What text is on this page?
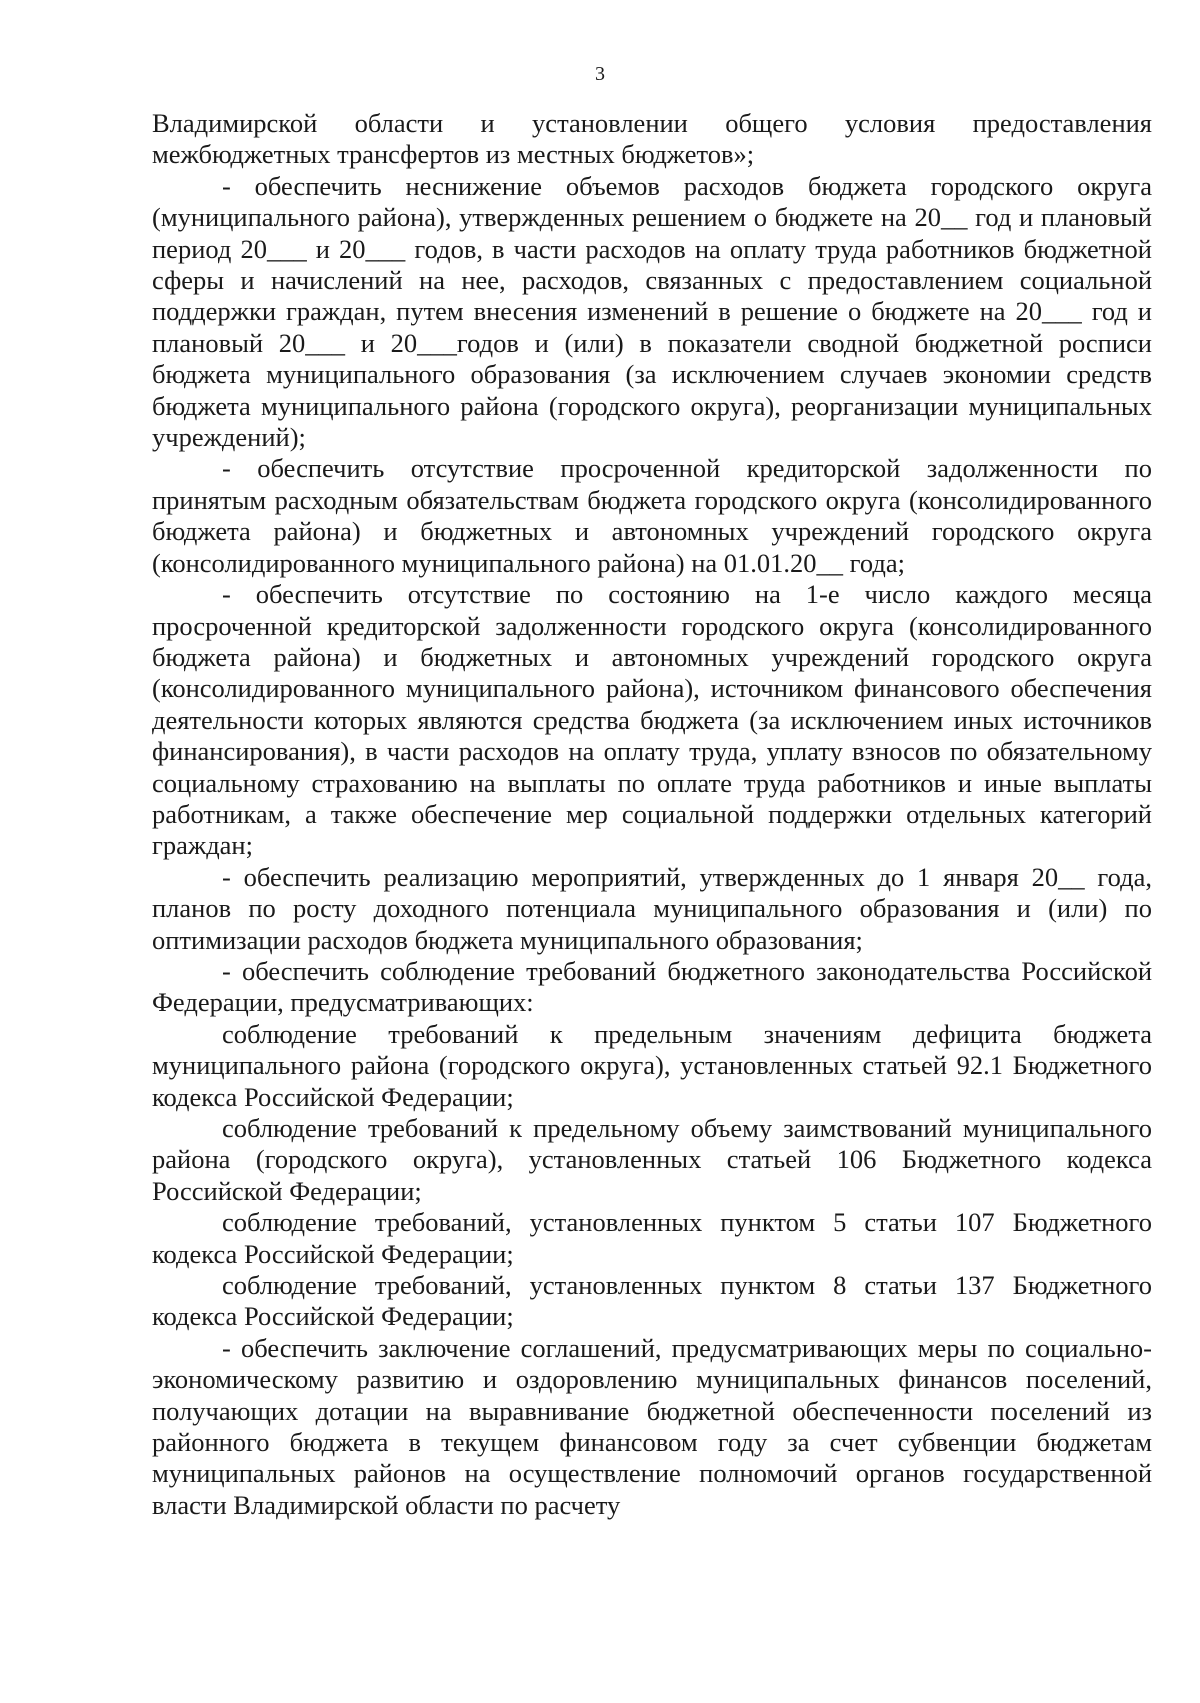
3

Владимирской области и установлении общего условия предоставления межбюджетных трансфертов из местных бюджетов»;

- обеспечить неснижение объемов расходов бюджета городского округа (муниципального района), утвержденных решением о бюджете на 20__ год и плановый период 20___ и 20___ годов, в части расходов на оплату труда работников бюджетной сферы и начислений на нее, расходов, связанных с предоставлением социальной поддержки граждан, путем внесения изменений в решение о бюджете на 20___ год и плановый 20___ и 20___годов и (или) в показатели сводной бюджетной росписи бюджета муниципального образования (за исключением случаев экономии средств бюджета муниципального района (городского округа), реорганизации муниципальных учреждений);

- обеспечить отсутствие просроченной кредиторской задолженности по принятым расходным обязательствам бюджета городского округа (консолидированного бюджета района) и бюджетных и автономных учреждений городского округа (консолидированного муниципального района) на 01.01.20__ года;

- обеспечить отсутствие по состоянию на 1-е число каждого месяца просроченной кредиторской задолженности городского округа (консолидированного бюджета района) и бюджетных и автономных учреждений городского округа (консолидированного муниципального района), источником финансового обеспечения деятельности которых являются средства бюджета (за исключением иных источников финансирования), в части расходов на оплату труда, уплату взносов по обязательному социальному страхованию на выплаты по оплате труда работников и иные выплаты работникам, а также обеспечение мер социальной поддержки отдельных категорий граждан;

- обеспечить реализацию мероприятий, утвержденных до 1 января 20__ года, планов по росту доходного потенциала муниципального образования и (или) по оптимизации расходов бюджета муниципального образования;

- обеспечить соблюдение требований бюджетного законодательства Российской Федерации, предусматривающих:

соблюдение требований к предельным значениям дефицита бюджета муниципального района (городского округа), установленных статьей 92.1 Бюджетного кодекса Российской Федерации;

соблюдение требований к предельному объему заимствований муниципального района (городского округа), установленных статьей 106 Бюджетного кодекса Российской Федерации;

соблюдение требований, установленных пунктом 5 статьи 107 Бюджетного кодекса Российской Федерации;

соблюдение требований, установленных пунктом 8 статьи 137 Бюджетного кодекса Российской Федерации;

- обеспечить заключение соглашений, предусматривающих меры по социально-экономическому развитию и оздоровлению муниципальных финансов поселений, получающих дотации на выравнивание бюджетной обеспеченности поселений из районного бюджета в текущем финансовом году за счет субвенции бюджетам муниципальных районов на осуществление полномочий органов государственной власти Владимирской области по расчету
